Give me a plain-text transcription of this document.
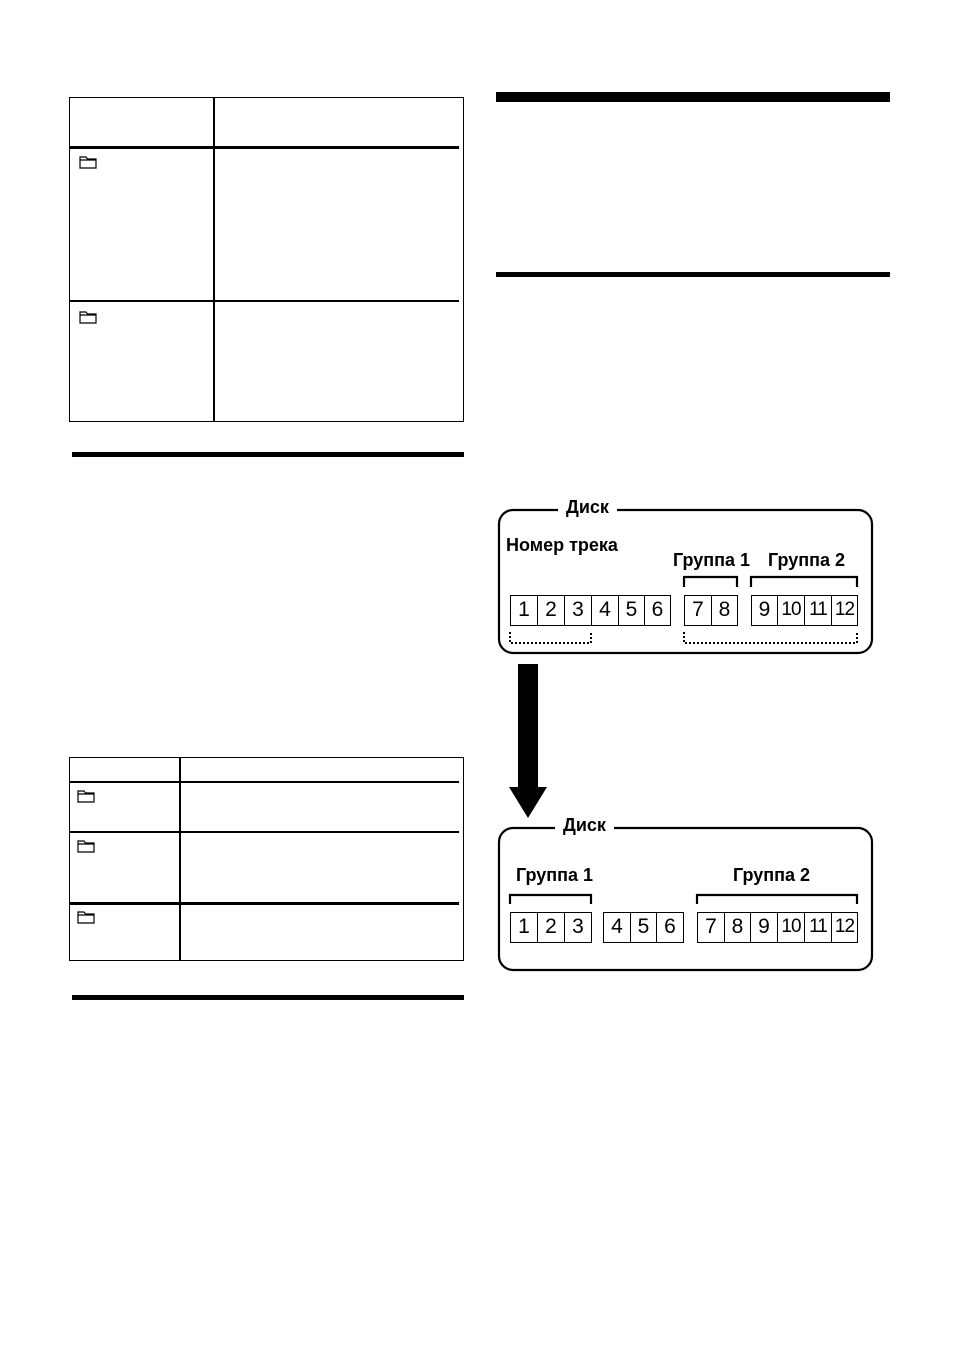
Диск
Номер трека
Группа 1 Группа 2
1 2 3 4 5 6	7 8	9 10 11 12
Диск
Группа 1	Группа 2
1 2 3	4 5 6	7 8 9 10 11 12
